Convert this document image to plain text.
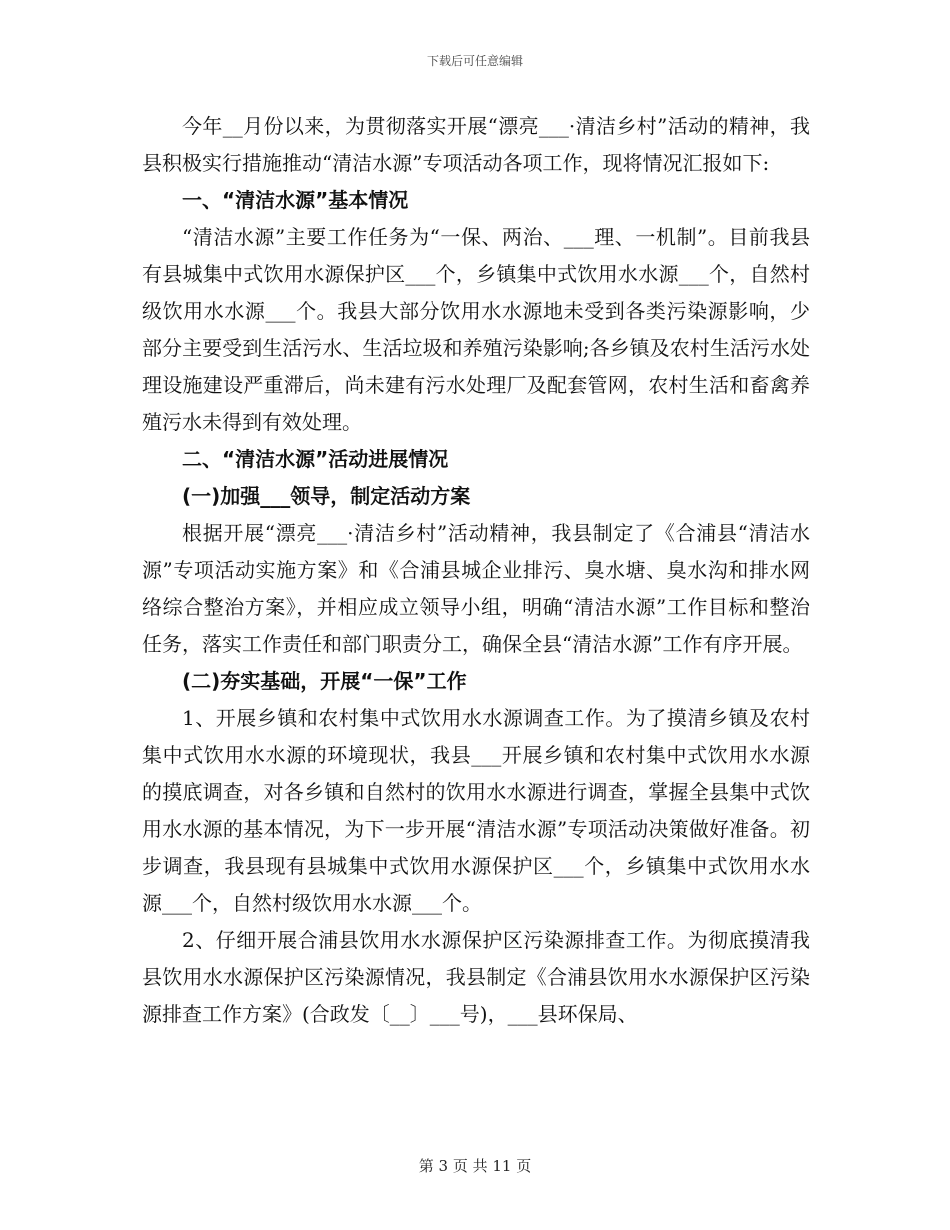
下载后可任意编辑

今年__月份以来，为贯彻落实开展“漂亮___·清洁乡村”活动的精神，我县积极实行措施推动“清洁水源”专项活动各项工作，现将情况汇报如下:

一、“清洁水源”基本情况

“清洁水源”主要工作任务为“一保、两治、___理、一机制”。目前我县有县城集中式饮用水源保护区___个，乡镇集中式饮用水水源___个，自然村级饮用水水源___个。我县大部分饮用水水源地未受到各类污染源影响，少部分主要受到生活污水、生活垃圾和养殖污染影响;各乡镇及农村生活污水处理设施建设严重滞后，尚未建有污水处理厂及配套管网，农村生活和畜禽养殖污水未得到有效处理。

二、“清洁水源”活动进展情况

(一)加强___领导，制定活动方案

根据开展“漂亮___·清洁乡村”活动精神，我县制定了《合浦县“清洁水源”专项活动实施方案》和《合浦县城企业排污、臭水塘、臭水沟和排水网络综合整治方案》，并相应成立领导小组，明确“清洁水源”工作目标和整治任务，落实工作责任和部门职责分工，确保全县“清洁水源”工作有序开展。

(二)夯实基础，开展“一保”工作

1、开展乡镇和农村集中式饮用水水源调查工作。为了摸清乡镇及农村集中式饮用水水源的环境现状，我县___开展乡镇和农村集中式饮用水水源的摸底调查，对各乡镇和自然村的饮用水水源进行调查，掌握全县集中式饮用水水源的基本情况，为下一步开展“清洁水源”专项活动决策做好准备。初步调查，我县现有县城集中式饮用水源保护区___个，乡镇集中式饮用水水源___个，自然村级饮用水水源___个。

2、仔细开展合浦县饮用水水源保护区污染源排查工作。为彻底摸清我县饮用水水源保护区污染源情况，我县制定《合浦县饮用水水源保护区污染源排查工作方案》(合政发〔__〕___号)，___县环保局、

第 3 页 共 11 页
